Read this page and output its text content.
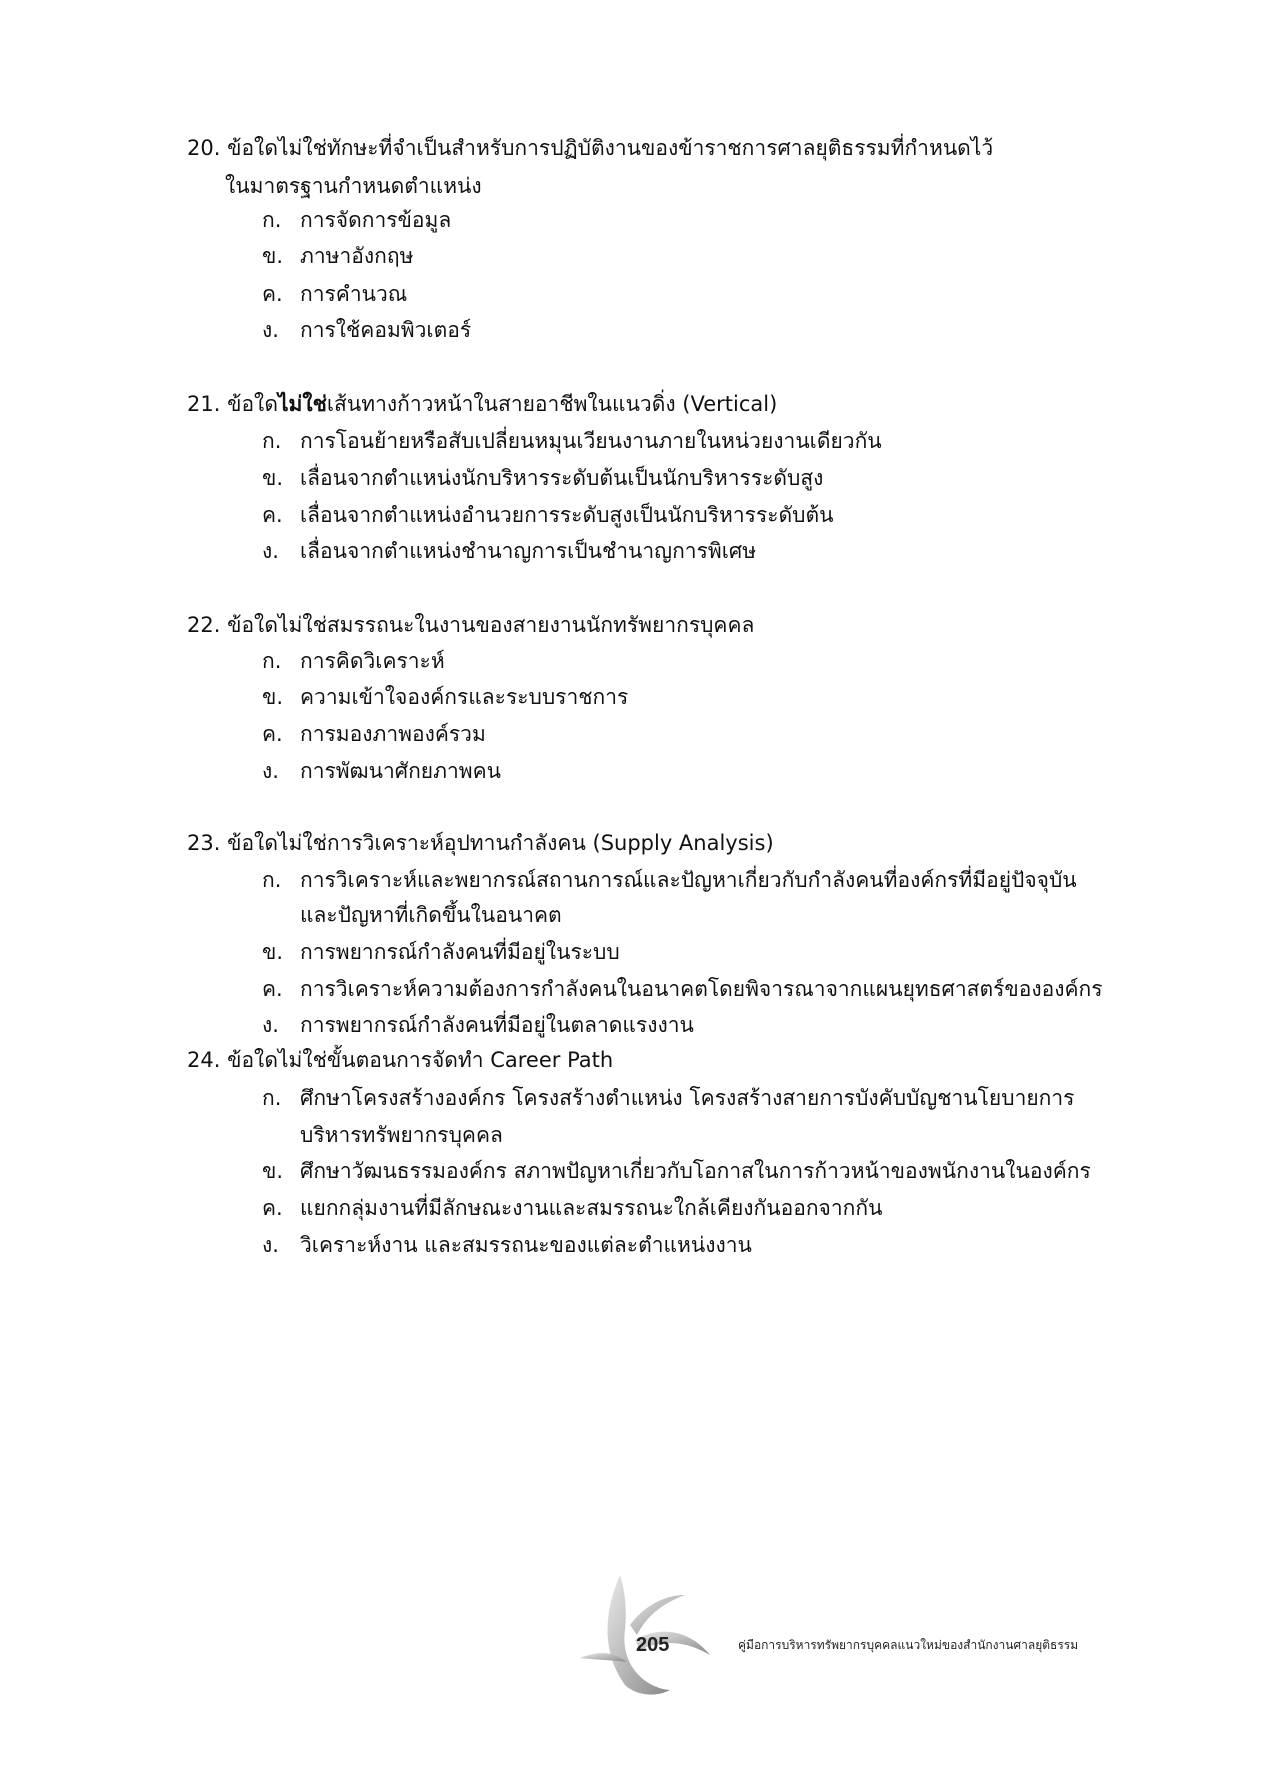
20. ข้อใดไม่ใช่ทักษะที่จำเป็นสำหรับการปฏิบัติงานของข้าราชการศาลยุติธรรมที่กำหนดไว้
ในมาตรฐานกำหนดตำแหน่ง
ก. การจัดการข้อมูล
ข. ภาษาอังกฤษ
ค. การคำนวณ
ง.	การใช้คอมพิวเตอร์
21. ข้อใดไม่ใช่เส้นทางก้าวหน้าในสายอาชีพในแนวดิ่ง (Vertical)
ก. การโอนย้ายหรือสับเปลี่ยนหมุนเวียนงานภายในหน่วยงานเดียวกัน
ข. เลื่อนจากตำแหน่งนักบริหารระดับต้นเป็นนักบริหารระดับสูง
ค. เลื่อนจากตำแหน่งอำนวยการระดับสูงเป็นนักบริหารระดับต้น
ง.	เลื่อนจากตำแหน่งชำนาญการเป็นชำนาญการพิเศษ
22. ข้อใดไม่ใช่สมรรถนะในงานของสายงานนักทรัพยากรบุคคล
ก. การคิดวิเคราะห์
ข. ความเข้าใจองค์กรและระบบราชการ
ค. การมองภาพองค์รวม
ง.	การพัฒนาศักยภาพคน
23. ข้อใดไม่ใช่การวิเคราะห์อุปทานกำลังคน (Supply Analysis)
ก. การวิเคราะห์และพยากรณ์สถานการณ์และปัญหาเกี่ยวกับกำลังคนที่องค์กรที่มีอยู่ปัจจุบัน
และปัญหาที่เกิดขึ้นในอนาคต
ข. การพยากรณ์กำลังคนที่มีอยู่ในระบบ
ค. การวิเคราะห์ความต้องการกำลังคนในอนาคตโดยพิจารณาจากแผนยุทธศาสตร์ขององค์กร
ง.	การพยากรณ์กำลังคนที่มีอยู่ในตลาดแรงงาน
24. ข้อใดไม่ใช่ขั้นตอนการจัดทำ Career Path
ก. ศึกษาโครงสร้างองค์กร โครงสร้างตำแหน่ง โครงสร้างสายการบังคับบัญชานโยบายการ
บริหารทรัพยากรบุคคล
ข. ศึกษาวัฒนธรรมองค์กร สภาพปัญหาเกี่ยวกับโอกาสในการก้าวหน้าของพนักงานในองค์กร
ค. แยกกลุ่มงานที่มีลักษณะงานและสมรรถนะใกล้เคียงกันออกจากกัน
ง.	วิเคราะห์งาน และสมรรถนะของแต่ละตำแหน่งงาน
205	คู่มือการบริหารทรัพยากรบุคคลแนวใหม่ของสำนักงานศาลยุติธรรม
